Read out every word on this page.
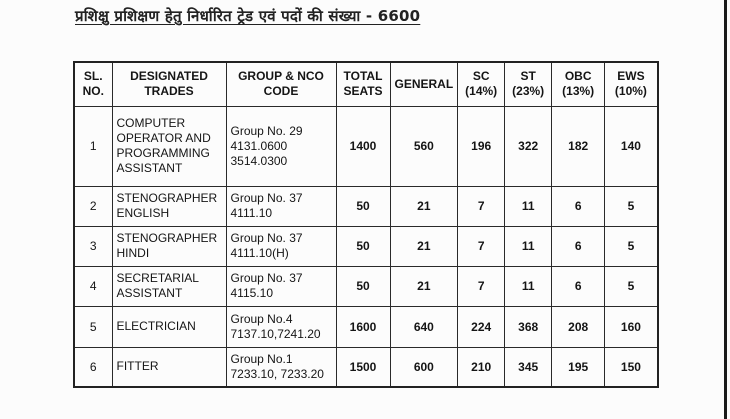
प्रशिक्षु प्रशिक्षण हेतु निर्धारित ट्रेड एवं पदों की संख्या - 6600
SL. NO.	DESIGNATED TRADES	GROUP & NCO CODE	TOTAL SEATS	GENERAL	SC (14%)	ST (23%)	OBC (13%)	EWS (10%)
1	COMPUTER OPERATOR AND PROGRAMMING ASSISTANT	Group No. 29 4131.0600 3514.0300	1400	560	196	322	182	140
2	STENOGRAPHER ENGLISH	Group No. 37 4111.10	50	21	7	11	6	5
3	STENOGRAPHER HINDI	Group No. 37 4111.10(H)	50	21	7	11	6	5
4	SECRETARIAL ASSISTANT	Group No. 37 4115.10	50	21	7	11	6	5
5	ELECTRICIAN	Group No.4 7137.10,7241.20	1600	640	224	368	208	160
6	FITTER	Group No.1 7233.10, 7233.20	1500	600	210	345	195	150
